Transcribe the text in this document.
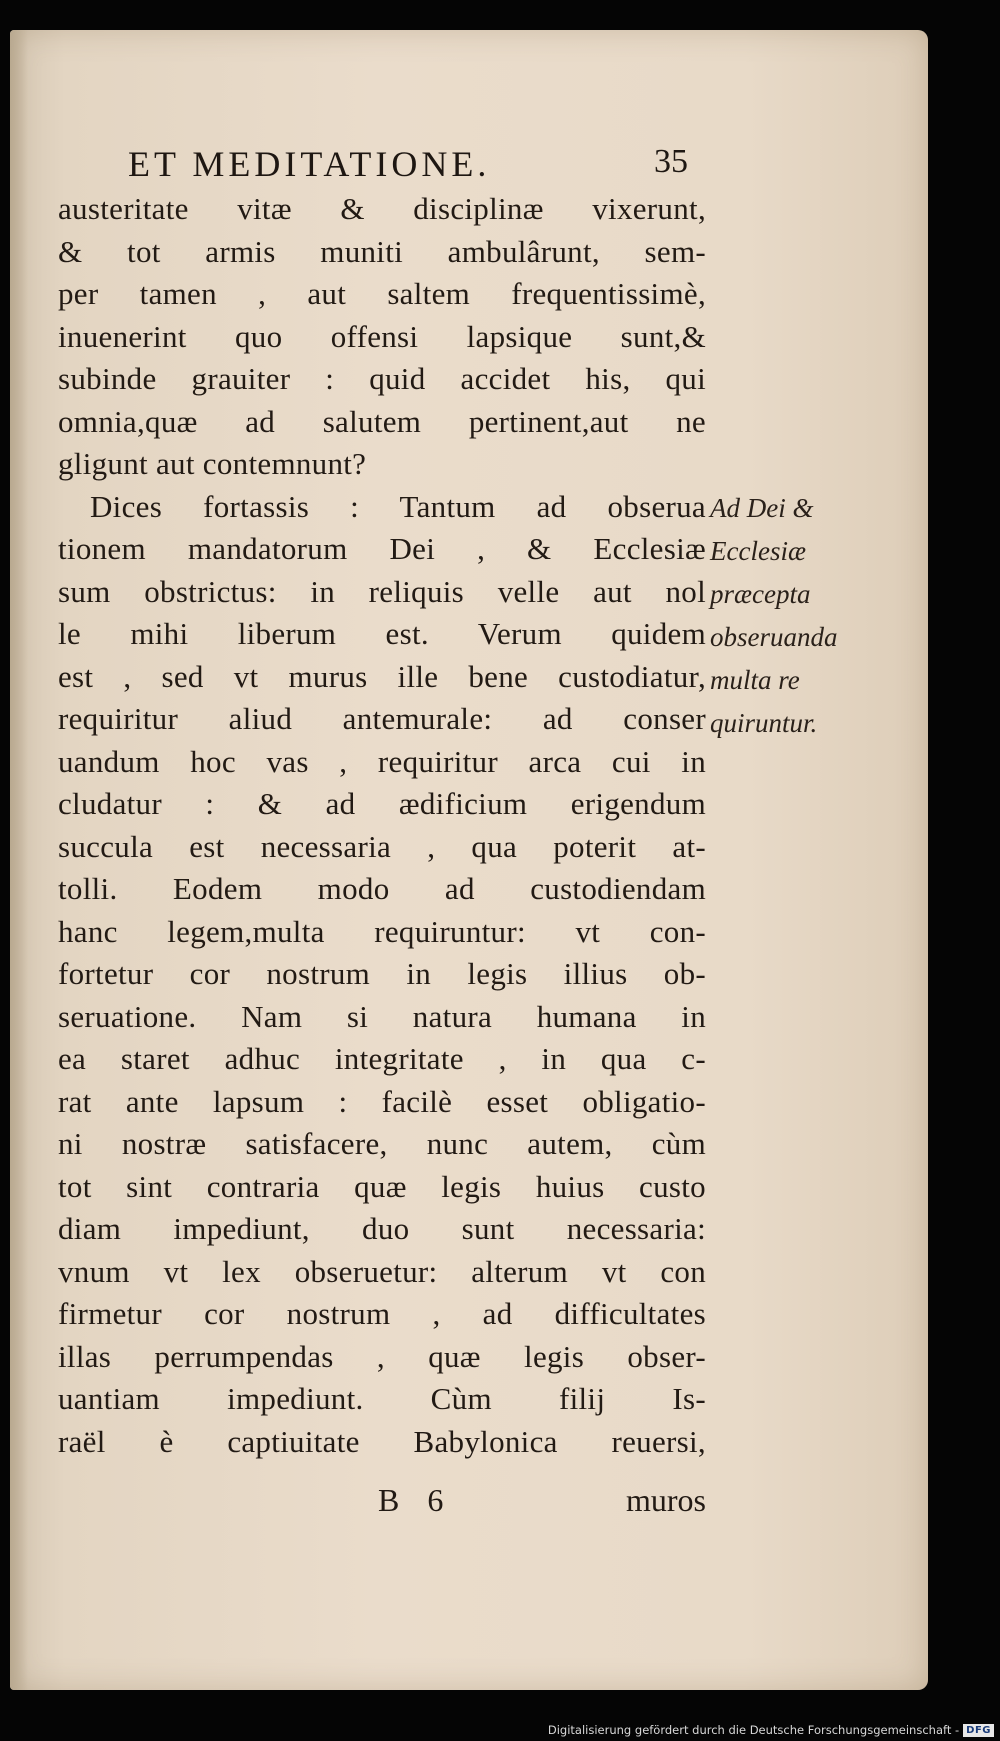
ET MEDITATIONE.	35
austeritate vitæ & disciplinæ vixerunt,
& tot armis muniti ambulârunt, sem-
per tamen , aut saltem frequentissimè,
inuenerint quo offensi lapsique sunt,&
subinde grauiter : quid accidet his, qui
omnia,quæ ad salutem pertinent,aut ne
gligunt aut contemnunt?
Dices fortassis : Tantum ad obserua
tionem mandatorum Dei , & Ecclesiæ
sum obstrictus: in reliquis velle aut nol
le mihi liberum est. Verum quidem
est , sed vt murus ille bene custodiatur,
requiritur aliud antemurale: ad conser
uandum hoc vas , requiritur arca cui in
cludatur : & ad ædificium erigendum
succula est necessaria , qua poterit at-
tolli. Eodem modo ad custodiendam
hanc legem,multa requiruntur: vt con-
fortetur cor nostrum in legis illius ob-
seruatione. Nam si natura humana in
ea staret adhuc integritate , in qua c-
rat ante lapsum : facilè esset obligatio-
ni nostræ satisfacere, nunc autem, cùm
tot sint contraria quæ legis huius custo
diam impediunt, duo sunt necessaria:
vnum vt lex obseruetur: alterum vt con
firmetur cor nostrum , ad difficultates
illas perrumpendas , quæ legis obser-
uantiam impediunt. Cùm filij Is-
raël è captiuitate Babylonica reuersi,
Ad Dei &
Ecclesiæ
præcepta
obseruanda
multa re
quiruntur.
B 6	muros
Digitalisierung gefördert durch die Deutsche Forschungsgemeinschaft - DFG
